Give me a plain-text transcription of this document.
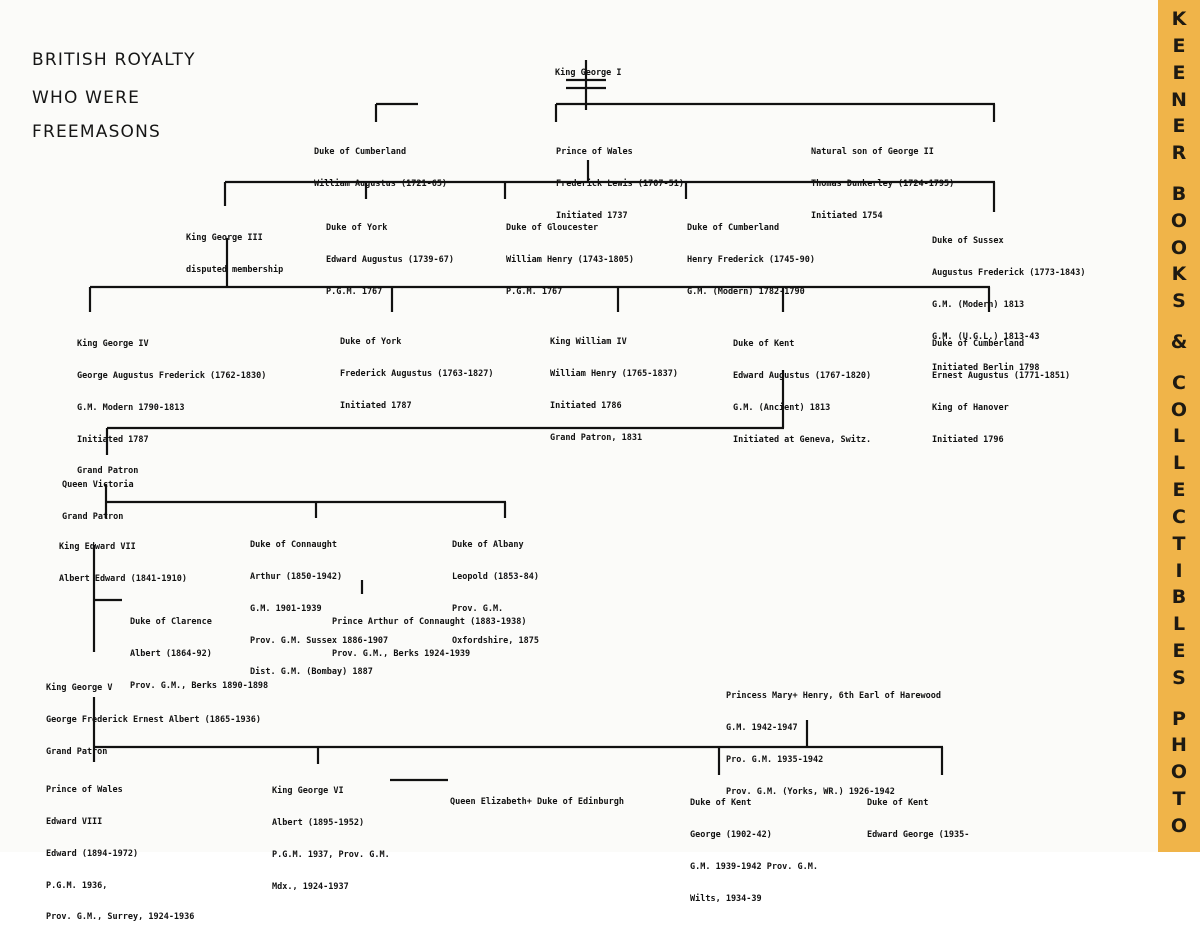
BRITISH ROYALTY
WHO WERE
FREEMASONS

King George I

Duke of Cumberland

William Augustus (1721-65)

Prince of Wales

Frederick Lewis (1707-51)

Initiated 1737

Natural son of George II

Thomas Dunkerley (1724-1795)

Initiated 1754

King George III

disputed membership

Duke of York

Edward Augustus (1739-67)

P.G.M. 1767

Duke of Gloucester

William Henry (1743-1805)

P.G.M. 1767

Duke of Cumberland

Henry Frederick (1745-90)

G.M. (Modern) 1782-1790

Duke of Sussex

Augustus Frederick (1773-1843)

G.M. (Modern) 1813

G.M. (U.G.L.) 1813-43

Initiated Berlin 1798

King George IV

George Augustus Frederick (1762-1830)

G.M. Modern 1790-1813

Initiated 1787

Grand Patron

Duke of York

Frederick Augustus (1763-1827)

Initiated 1787

King William IV

William Henry (1765-1837)

Initiated 1786

Grand Patron, 1831

Duke of Kent

Edward Augustus (1767-1820)

G.M. (Ancient) 1813

Initiated at Geneva, Switz.

Duke of Cumberland

Ernest Augustus (1771-1851)

King of Hanover

Initiated 1796

Queen Victoria

Grand Patron

King Edward VII

Albert Edward (1841-1910)

Duke of Connaught

Arthur (1850-1942)

G.M. 1901-1939

Prov. G.M. Sussex 1886-1907

Dist. G.M. (Bombay) 1887

Duke of Albany

Leopold (1853-84)

Prov. G.M.

Oxfordshire, 1875

Duke of Clarence

Albert (1864-92)

Prov. G.M., Berks 1890-1898

Prince Arthur of Connaught (1883-1938)

Prov. G.M., Berks 1924-1939

King George V

George Frederick Ernest Albert (1865-1936)

Grand Patron

Princess Mary+ Henry, 6th Earl of Harewood

G.M. 1942-1947

Pro. G.M. 1935-1942

Prov. G.M. (Yorks, WR.) 1926-1942

Prince of Wales

Edward VIII

Edward (1894-1972)

P.G.M. 1936,

Prov. G.M., Surrey, 1924-1936

King George VI

Albert (1895-1952)

P.G.M. 1937, Prov. G.M.

Mdx., 1924-1937

Queen Elizabeth+ Duke of Edinburgh

	Duke of Kent

George (1902-42)

G.M. 1939-1942 Prov. G.M.

Wilts, 1934-39

Duke of Kent

Edward George (1935-

K
E
E
N
E
R
B
O
O
K
S
&
C
O
L
L
E
C
T
I
B
L
E
S
P
H
O
T
O
